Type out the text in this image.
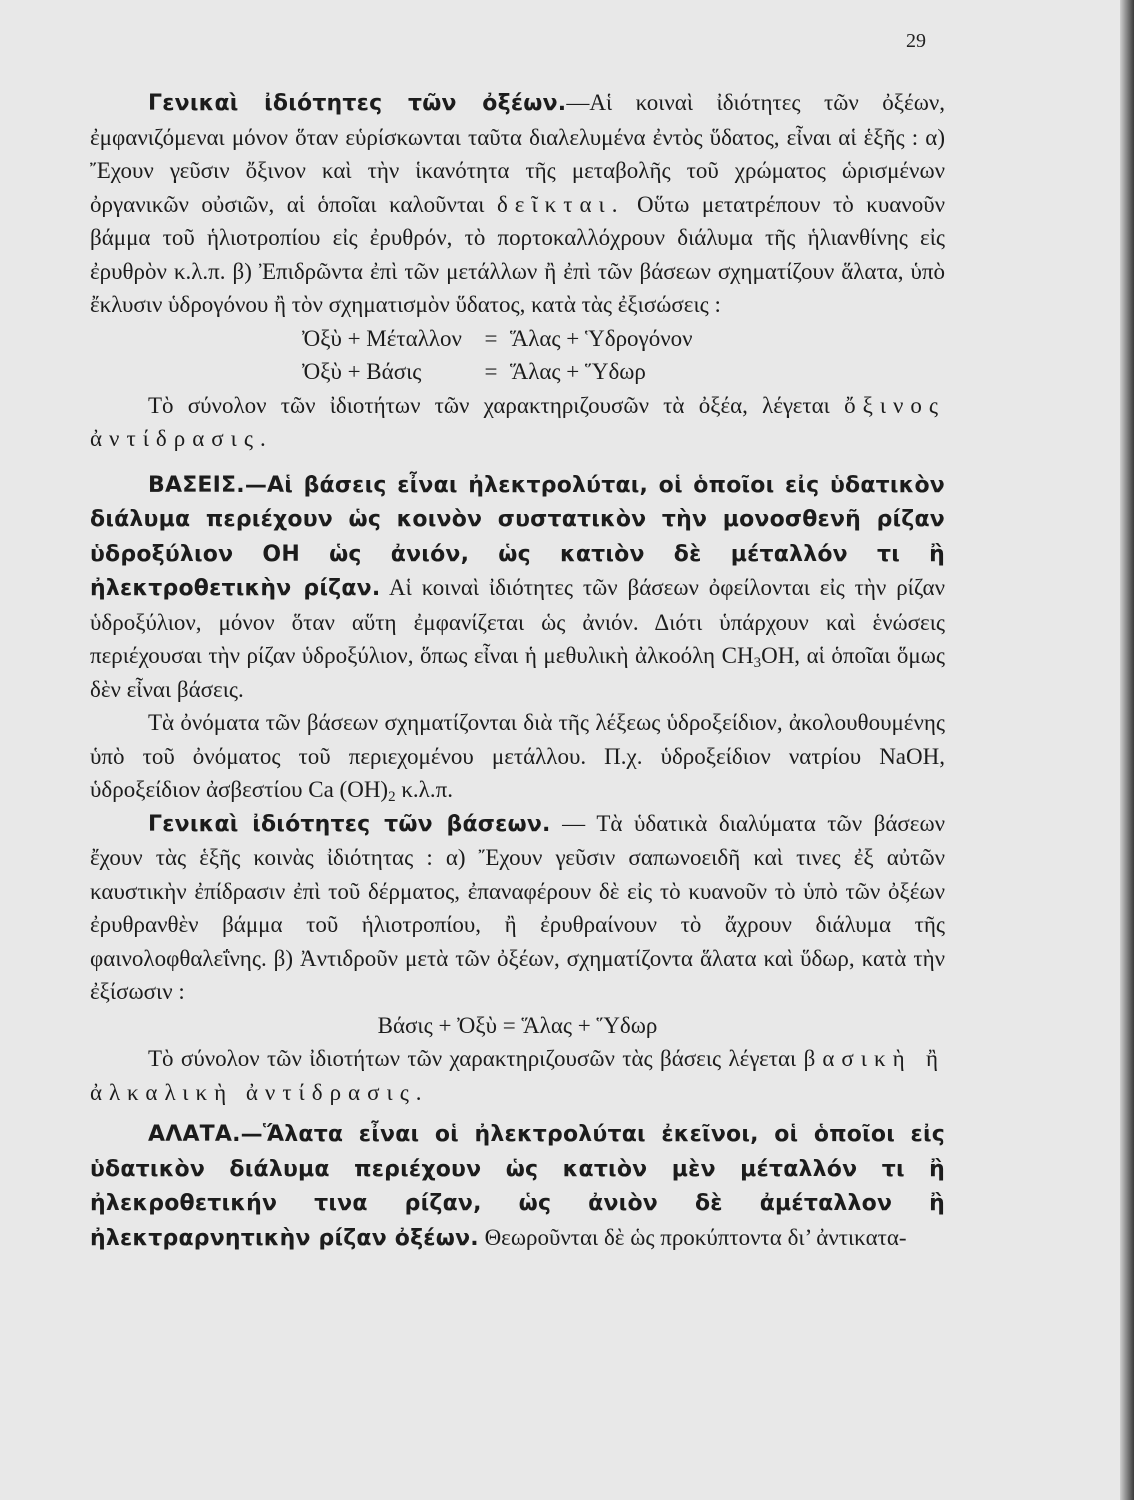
29

Γενικαὶ ἰδιότητες τῶν ὀξέων.—Αἱ κοιναὶ ἰδιότητες τῶν ὀξέων, ἐμφανιζόμεναι μόνον ὅταν εὑρίσκωνται ταῦτα διαλελυμένα ἐντὸς ὕδατος, εἶναι αἱ ἑξῆς : α) Ἔχουν γεῦσιν ὄξινον καὶ τὴν ἱκανότητα τῆς μεταβολῆς τοῦ χρώματος ὡρισμένων ὀργανικῶν οὐσιῶν, αἱ ὁποῖαι καλοῦνται δεῖκται. Οὕτω μετατρέπουν τὸ κυανοῦν βάμμα τοῦ ἡλιοτροπίου εἰς ἐρυθρόν, τὸ πορτοκαλλόχρουν διάλυμα τῆς ἡλιανθίνης εἰς ἐρυθρὸν κ.λ.π. β) Ἐπιδρῶντα ἐπὶ τῶν μετάλλων ἢ ἐπὶ τῶν βάσεων σχηματίζουν ἅλατα, ὑπὸ ἔκλυσιν ὑδρογόνου ἢ τὸν σχηματισμὸν ὕδατος, κατὰ τὰς ἐξισώσεις :

Ὀξὺ + Μέταλλον	=	Ἅλας + Ὑδρογόνον
Ὀξὺ + Βάσις	=	Ἅλας + Ὕδωρ

Τὸ σύνολον τῶν ἰδιοτήτων τῶν χαρακτηριζουσῶν τὰ ὀξέα, λέγεται ὄξινος ἀντίδρασις.

ΒΑΣΕΙΣ.—Αἱ βάσεις εἶναι ἠλεκτρολύται, οἱ ὁποῖοι εἰς ὑδατικὸν διάλυμα περιέχουν ὡς κοινὸν συστατικὸν τὴν μονοσθενῆ ρίζαν ὑδροξύλιον ΟΗ ὡς ἀνιόν, ὡς κατιὸν δὲ μέταλλόν τι ἢ ἠλεκτροθετικὴν ρίζαν. Αἱ κοιναὶ ἰδιότητες τῶν βάσεων ὀφείλονται εἰς τὴν ρίζαν ὑδροξύλιον, μόνον ὅταν αὕτη ἐμφανίζεται ὡς ἀνιόν. Διότι ὑπάρχουν καὶ ἑνώσεις περιέχουσαι τὴν ρίζαν ὑδροξύλιον, ὅπως εἶναι ἡ μεθυλικὴ ἀλκοόλη $CH_3OH$, αἱ ὁποῖαι ὅμως δὲν εἶναι βάσεις.

Τὰ ὀνόματα τῶν βάσεων σχηματίζονται διὰ τῆς λέξεως ὑδροξείδιον, ἀκολουθουμένης ὑπὸ τοῦ ὀνόματος τοῦ περιεχομένου μετάλλου. Π.χ. ὑδροξείδιον νατρίου NaOH, ὑδροξείδιον ἀσβεστίου Ca $(OH)_2$ κ.λ.π.

Γενικαὶ ἰδιότητες τῶν βάσεων. — Τὰ ὑδατικὰ διαλύματα τῶν βάσεων ἔχουν τὰς ἑξῆς κοινὰς ἰδιότητας : α) Ἔχουν γεῦσιν σαπωνοειδῆ καὶ τινες ἐξ αὐτῶν καυστικὴν ἐπίδρασιν ἐπὶ τοῦ δέρματος, ἐπαναφέρουν δὲ εἰς τὸ κυανοῦν τὸ ὑπὸ τῶν ὀξέων ἐρυθρανθὲν βάμμα τοῦ ἡλιοτροπίου, ἢ ἐρυθραίνουν τὸ ἄχρουν διάλυμα τῆς φαινολοφθαλεΐνης. β) Ἀντιδροῦν μετὰ τῶν ὀξέων, σχηματίζοντα ἅλατα καὶ ὕδωρ, κατὰ τὴν ἐξίσωσιν :

Βάσις + Ὀξὺ = Ἅλας + Ὕδωρ

Τὸ σύνολον τῶν ἰδιοτήτων τῶν χαρακτηριζουσῶν τὰς βάσεις λέγεται βασικὴ ἢ ἀλκαλικὴ ἀντίδρασις.

ΑΛΑΤΑ.—Ἅλατα εἶναι οἱ ἠλεκτρολύται ἐκεῖνοι, οἱ ὁποῖοι εἰς ὑδατικὸν διάλυμα περιέχουν ὡς κατιὸν μὲν μέταλλόν τι ἢ ἠλεκροθετικήν τινα ρίζαν, ὡς ἀνιὸν δὲ ἀμέταλλον ἢ ἠλεκτραρνητικὴν ρίζαν ὀξέων. Θεωροῦνται δὲ ὡς προκύπτοντα δι’ ἀντικατα-
